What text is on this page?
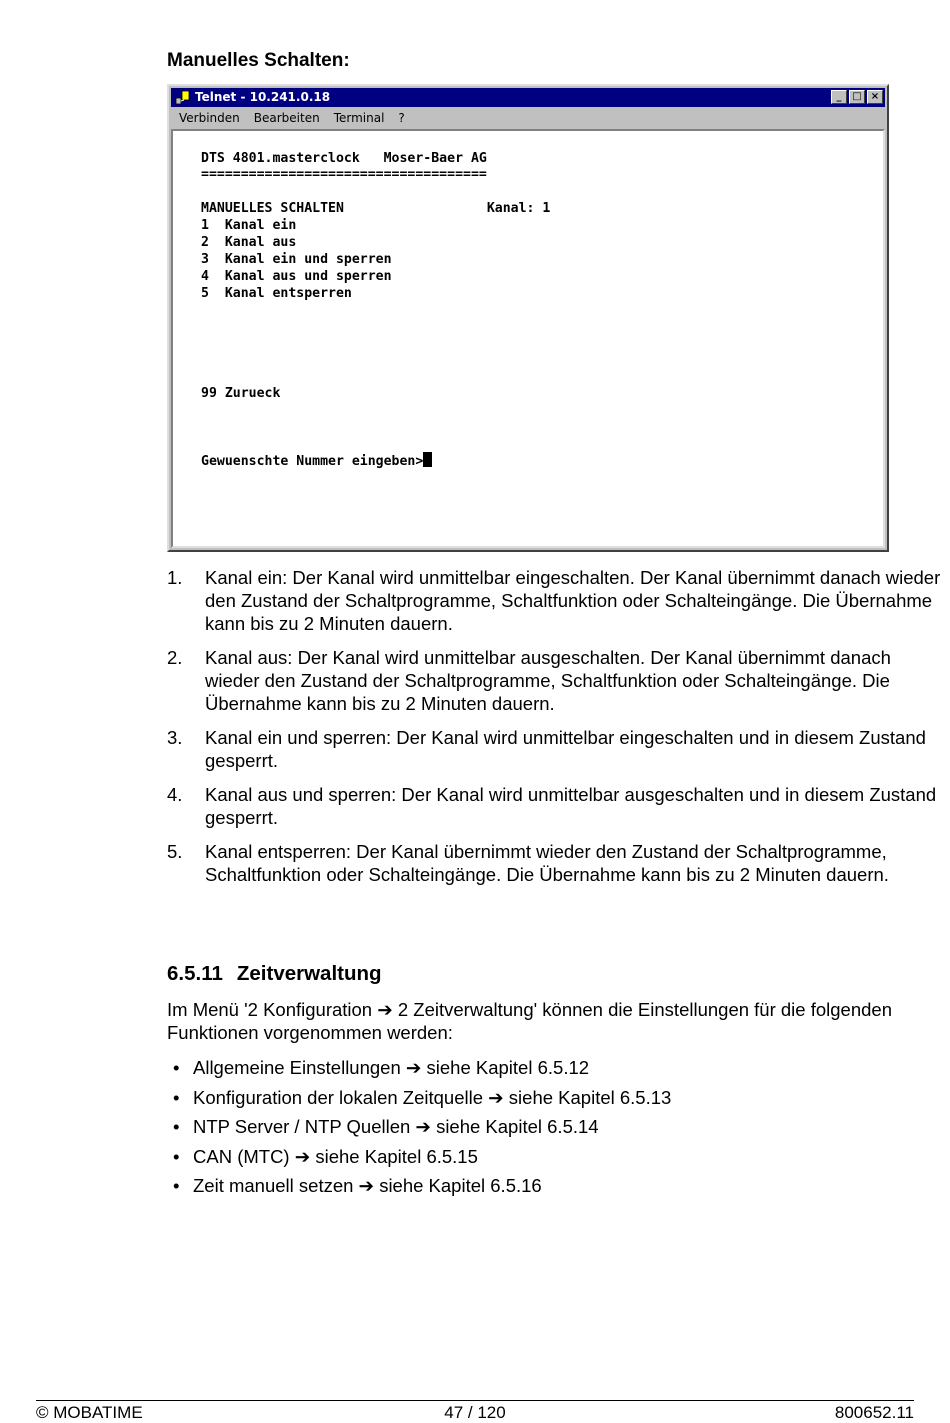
Manuelles Schalten:
Telnet - 10.241.0.18	_	□ ×
Verbinden Bearbeiten Terminal ?

DTS 4801.masterclock   Moser-Baer AG

====================================

MANUELLES SCHALTEN                  Kanal: 1

1  Kanal ein

2  Kanal aus

3  Kanal ein und sperren

4  Kanal aus und sperren

5  Kanal entsperren

99 Zurueck

Gewuenschte Nummer eingeben>

1. Kanal ein: Der Kanal wird unmittelbar eingeschalten. Der Kanal übernimmt danach wieder den Zustand der Schaltprogramme, Schaltfunktion oder Schalteingänge. Die Übernahme kann bis zu 2 Minuten dauern.
2. Kanal aus: Der Kanal wird unmittelbar ausgeschalten. Der Kanal übernimmt danach wieder den Zustand der Schaltprogramme, Schaltfunktion oder Schalteingänge. Die Übernahme kann bis zu 2 Minuten dauern.
3. Kanal ein und sperren: Der Kanal wird unmittelbar eingeschalten und in diesem Zustand gesperrt.
4. Kanal aus und sperren: Der Kanal wird unmittelbar ausgeschalten und in diesem Zustand gesperrt.
5. Kanal entsperren: Der Kanal übernimmt wieder den Zustand der Schaltprogramme, Schaltfunktion oder Schalteingänge. Die Übernahme kann bis zu 2 Minuten dauern.
6.5.11 Zeitverwaltung

Im Menü '2 Konfiguration ➔ 2 Zeitverwaltung' können die Einstellungen für die folgenden Funktionen vorgenommen werden:

• Allgemeine Einstellungen ➔ siehe Kapitel 6.5.12
• Konfiguration der lokalen Zeitquelle ➔ siehe Kapitel 6.5.13
• NTP Server / NTP Quellen ➔ siehe Kapitel 6.5.14
• CAN (MTC) ➔ siehe Kapitel 6.5.15
• Zeit manuell setzen ➔ siehe Kapitel 6.5.16
© MOBATIME	47 / 120	800652.11
